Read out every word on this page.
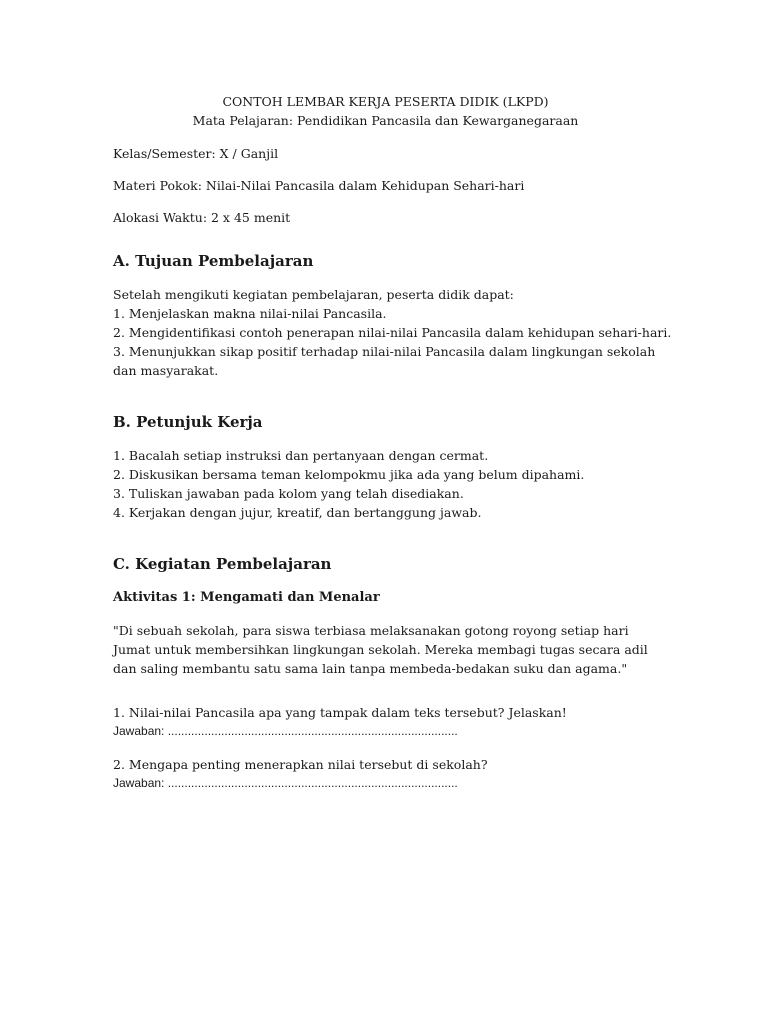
CONTOH LEMBAR KERJA PESERTA DIDIK (LKPD)
Mata Pelajaran: Pendidikan Pancasila dan Kewarganegaraan

Kelas/Semester: X / Ganjil

Materi Pokok: Nilai-Nilai Pancasila dalam Kehidupan Sehari-hari

Alokasi Waktu: 2 x 45 menit

A. Tujuan Pembelajaran
Setelah mengikuti kegiatan pembelajaran, peserta didik dapat:
1. Menjelaskan makna nilai-nilai Pancasila.
2. Mengidentifikasi contoh penerapan nilai-nilai Pancasila dalam kehidupan sehari-hari.
3. Menunjukkan sikap positif terhadap nilai-nilai Pancasila dalam lingkungan sekolah dan masyarakat.
B. Petunjuk Kerja
1. Bacalah setiap instruksi dan pertanyaan dengan cermat.
2. Diskusikan bersama teman kelompokmu jika ada yang belum dipahami.
3. Tuliskan jawaban pada kolom yang telah disediakan.
4. Kerjakan dengan jujur, kreatif, dan bertanggung jawab.
C. Kegiatan Pembelajaran
Aktivitas 1: Mengamati dan Menalar

"Di sebuah sekolah, para siswa terbiasa melaksanakan gotong royong setiap hari Jumat untuk membersihkan lingkungan sekolah. Mereka membagi tugas secara adil dan saling membantu satu sama lain tanpa membeda-bedakan suku dan agama."

1. Nilai-nilai Pancasila apa yang tampak dalam teks tersebut? Jelaskan!
Jawaban: .......................................................................................
2. Mengapa penting menerapkan nilai tersebut di sekolah?
Jawaban: .......................................................................................
